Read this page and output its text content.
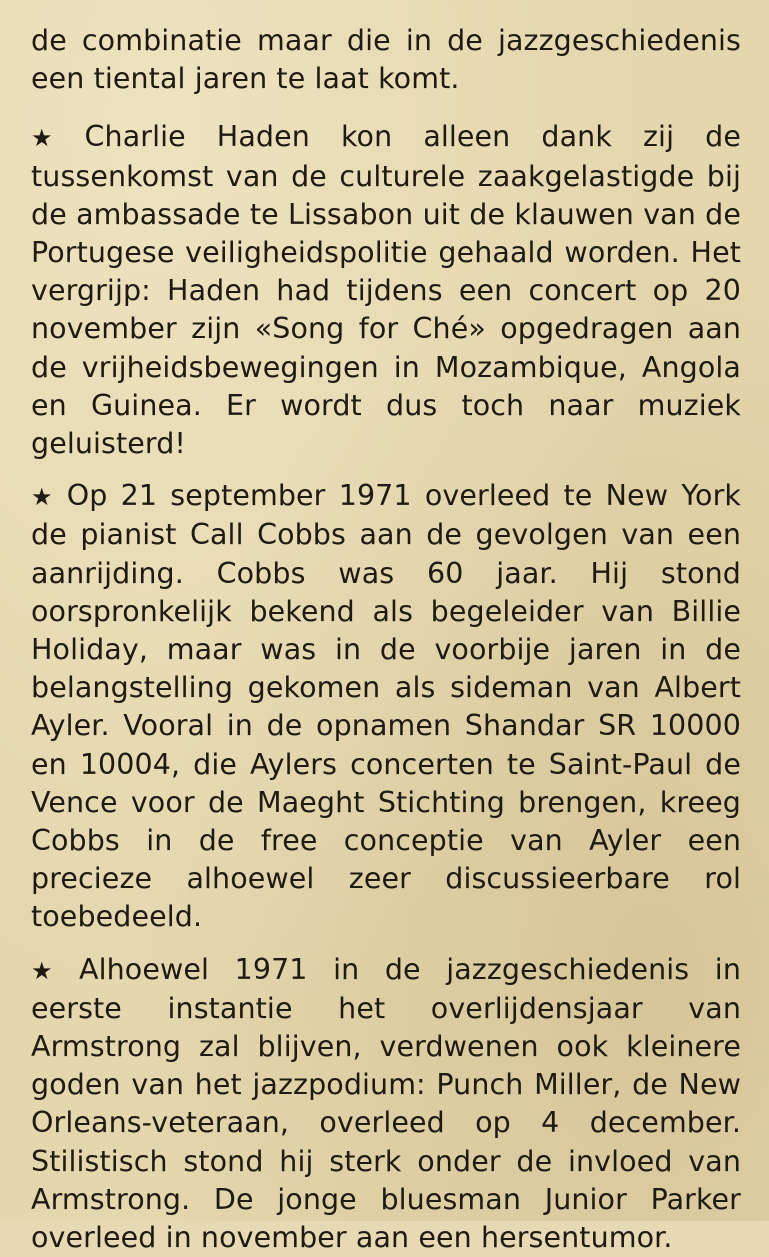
de combinatie maar die in de jazzgeschiedenis een tiental jaren te laat komt.

★ Charlie Haden kon alleen dank zij de tussenkomst van de culturele zaakgelastigde bij de ambassade te Lissabon uit de klauwen van de Portugese veiligheidspolitie gehaald worden. Het vergrijp: Haden had tijdens een concert op 20 november zijn «Song for Ché» opgedragen aan de vrijheidsbewegingen in Mozambique, Angola en Guinea. Er wordt dus toch naar muziek geluisterd!

★ Op 21 september 1971 overleed te New York de pianist Call Cobbs aan de gevolgen van een aanrijding. Cobbs was 60 jaar. Hij stond oorspronkelijk bekend als begeleider van Billie Holiday, maar was in de voorbije jaren in de belangstelling gekomen als sideman van Albert Ayler. Vooral in de opnamen Shandar SR 10000 en 10004, die Aylers concerten te Saint-Paul de Vence voor de Maeght Stichting brengen, kreeg Cobbs in de free conceptie van Ayler een precieze alhoewel zeer discussieerbare rol toebedeeld.

★ Alhoewel 1971 in de jazzgeschiedenis in eerste instantie het overlijdensjaar van Armstrong zal blijven, verdwenen ook kleinere goden van het jazzpodium: Punch Miller, de New Orleans-veteraan, overleed op 4 december. Stilistisch stond hij sterk onder de invloed van Armstrong. De jonge bluesman Junior Parker overleed in november aan een hersentumor.
